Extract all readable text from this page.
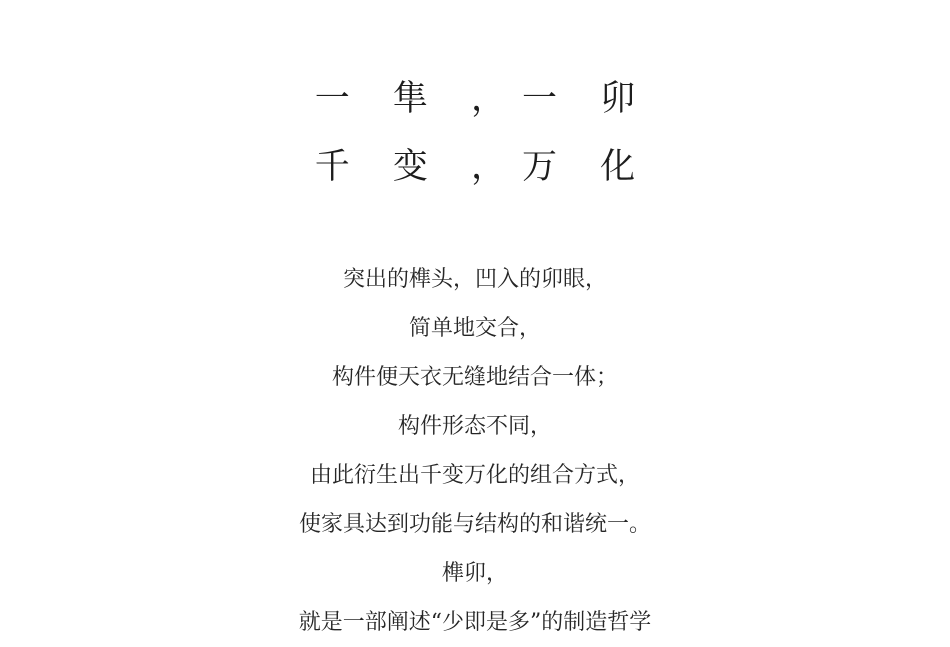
一 隼 ，一 卯
千 变 ，万 化
突出的榫头，凹入的卯眼，
简单地交合，
构件便天衣无缝地结合一体；
构件形态不同，
由此衍生出千变万化的组合方式，
使家具达到功能与结构的和谐统一。
榫卯，
就是一部阐述“少即是多”的制造哲学
